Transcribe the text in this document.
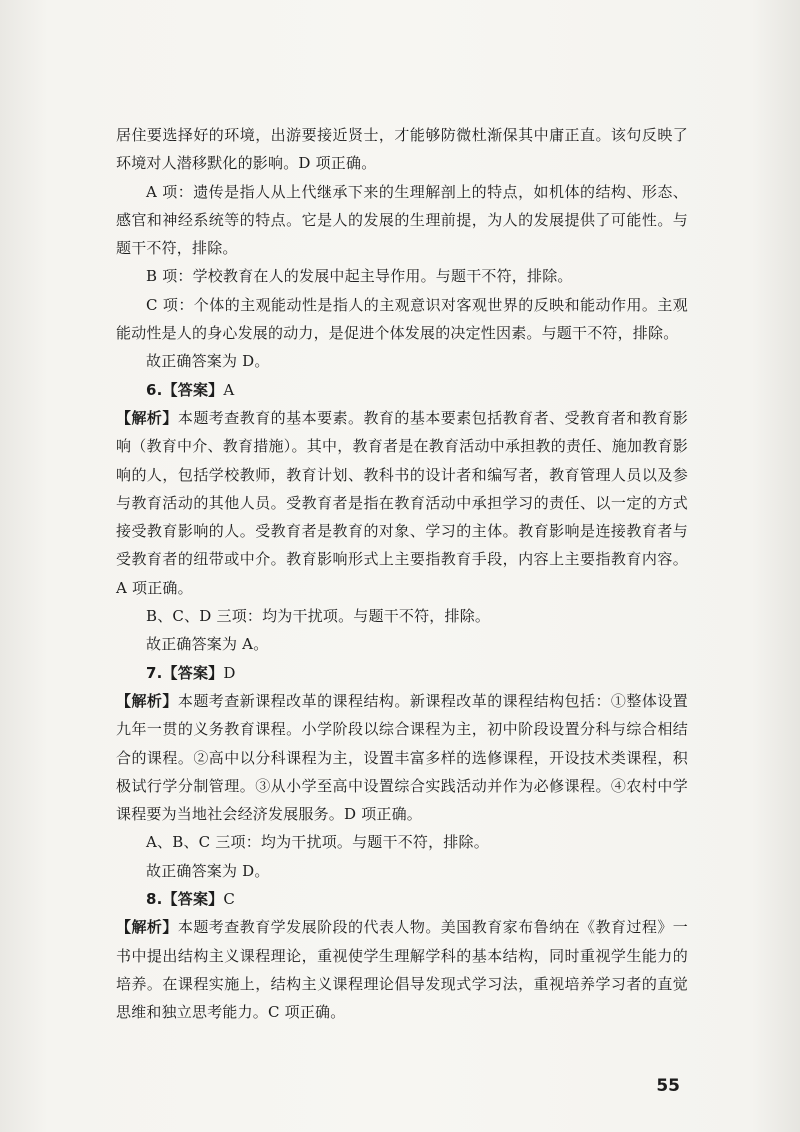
居住要选择好的环境，出游要接近贤士，才能够防微杜渐保其中庸正直。该句反映了环境对人潜移默化的影响。D 项正确。

A 项：遗传是指人从上代继承下来的生理解剖上的特点，如机体的结构、形态、感官和神经系统等的特点。它是人的发展的生理前提，为人的发展提供了可能性。与题干不符，排除。

B 项：学校教育在人的发展中起主导作用。与题干不符，排除。

C 项：个体的主观能动性是指人的主观意识对客观世界的反映和能动作用。主观能动性是人的身心发展的动力，是促进个体发展的决定性因素。与题干不符，排除。

故正确答案为 D。

6.【答案】A

【解析】本题考查教育的基本要素。教育的基本要素包括教育者、受教育者和教育影响（教育中介、教育措施）。其中，教育者是在教育活动中承担教的责任、施加教育影响的人，包括学校教师，教育计划、教科书的设计者和编写者，教育管理人员以及参与教育活动的其他人员。受教育者是指在教育活动中承担学习的责任、以一定的方式接受教育影响的人。受教育者是教育的对象、学习的主体。教育影响是连接教育者与受教育者的纽带或中介。教育影响形式上主要指教育手段，内容上主要指教育内容。A 项正确。

B、C、D 三项：均为干扰项。与题干不符，排除。

故正确答案为 A。

7.【答案】D

【解析】本题考查新课程改革的课程结构。新课程改革的课程结构包括：①整体设置九年一贯的义务教育课程。小学阶段以综合课程为主，初中阶段设置分科与综合相结合的课程。②高中以分科课程为主，设置丰富多样的选修课程，开设技术类课程，积极试行学分制管理。③从小学至高中设置综合实践活动并作为必修课程。④农村中学课程要为当地社会经济发展服务。D 项正确。

A、B、C 三项：均为干扰项。与题干不符，排除。

故正确答案为 D。

8.【答案】C

【解析】本题考查教育学发展阶段的代表人物。美国教育家布鲁纳在《教育过程》一书中提出结构主义课程理论，重视使学生理解学科的基本结构，同时重视学生能力的培养。在课程实施上，结构主义课程理论倡导发现式学习法，重视培养学习者的直觉思维和独立思考能力。C 项正确。

55
